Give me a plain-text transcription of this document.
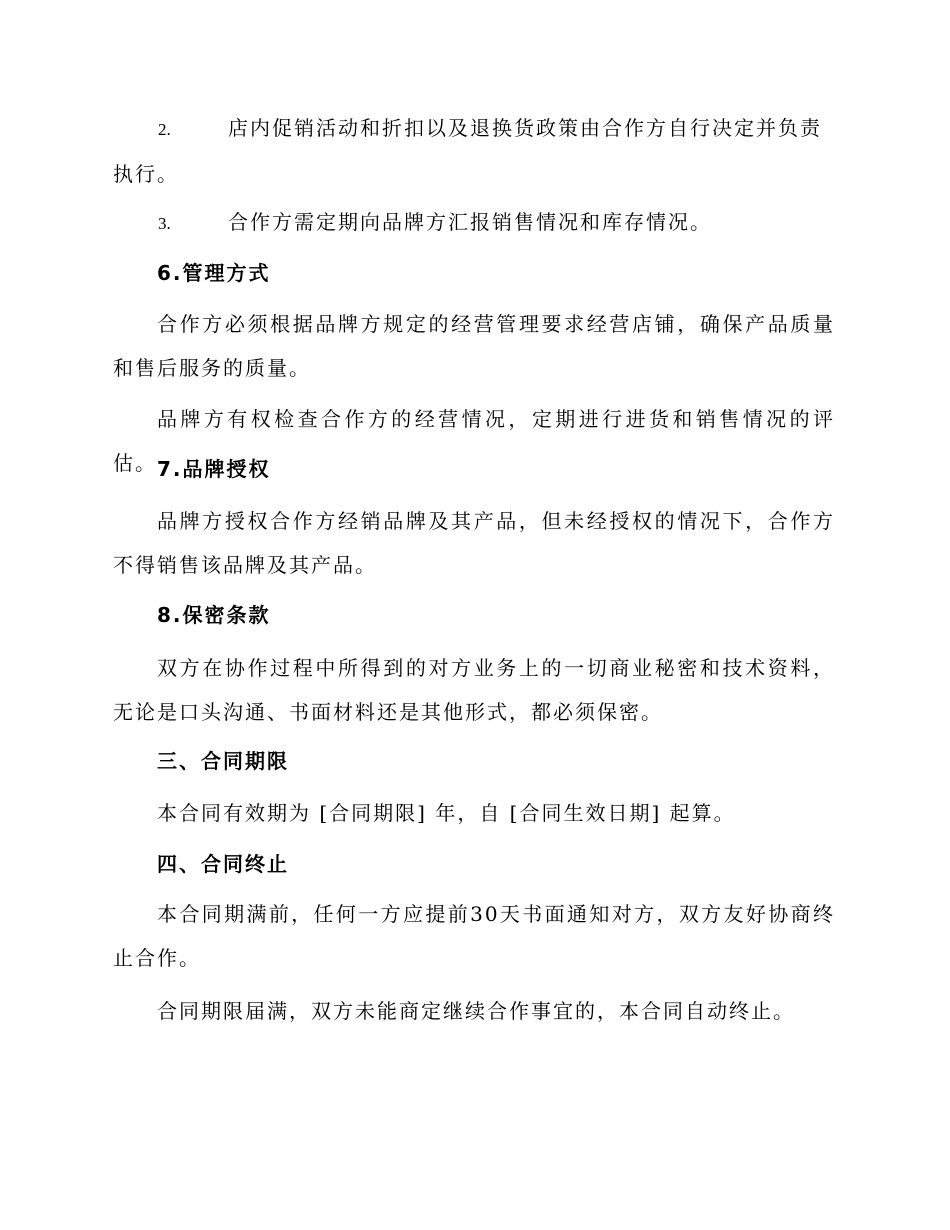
2.	店内促销活动和折扣以及退换货政策由合作方自行决定并负责执行。

3.	合作方需定期向品牌方汇报销售情况和库存情况。

6.管理方式

合作方必须根据品牌方规定的经营管理要求经营店铺，确保产品质量和售后服务的质量。

品牌方有权检查合作方的经营情况，定期进行进货和销售情况的评估。 7.品牌授权

品牌方授权合作方经销品牌及其产品，但未经授权的情况下，合作方不得销售该品牌及其产品。

8.保密条款

双方在协作过程中所得到的对方业务上的一切商业秘密和技术资料，无论是口头沟通、书面材料还是其他形式，都必须保密。

三、合同期限

本合同有效期为 [合同期限] 年，自 [合同生效日期] 起算。

四、合同终止

本合同期满前，任何一方应提前30天书面通知对方，双方友好协商终止合作。

合同期限届满，双方未能商定继续合作事宜的，本合同自动终止。
